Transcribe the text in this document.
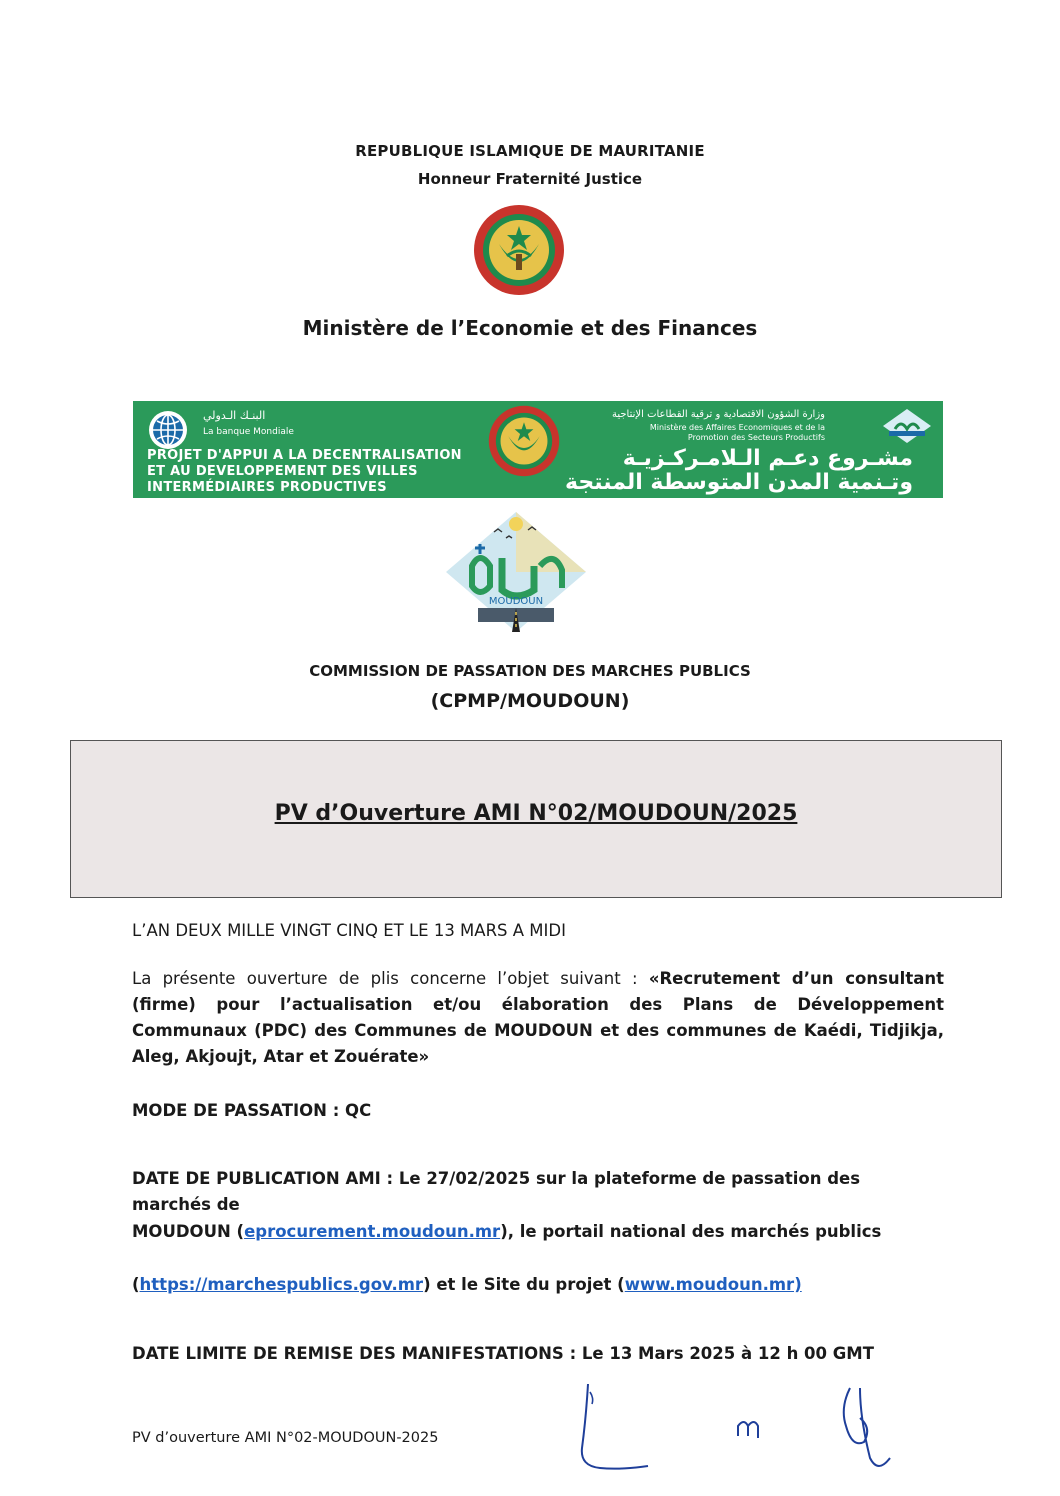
REPUBLIQUE ISLAMIQUE DE MAURITANIE
Honneur Fraternité Justice
Ministère de l’Economie et des Finances
البنـك الـدولي
La banque Mondiale
PROJET D'APPUI A LA DECENTRALISATION
ET AU DEVELOPPEMENT DES VILLES
INTERMÉDIAIRES PRODUCTIVES
وزارة الشؤون الاقتصادية و ترقية القطاعات الإنتاجية
Ministère des Affaires Economiques et de la
Promotion des Secteurs Productifs
مشـروع دعـم الـلامـركـزيـة
وتـنمية المدن المتوسطة المنتجة
MOUDOUN
COMMISSION DE PASSATION DES MARCHES PUBLICS
(CPMP/MOUDOUN)
PV d’Ouverture AMI N°02/MOUDOUN/2025
L’AN DEUX MILLE VINGT CINQ ET LE 13 MARS A MIDI
La présente ouverture de plis concerne l’objet suivant : «Recrutement d’un consultant (firme) pour l’actualisation et/ou élaboration des Plans de Développement Communaux (PDC) des Communes de MOUDOUN et des communes de Kaédi, Tidjikja, Aleg, Akjoujt, Atar et Zouérate»
MODE DE PASSATION : QC
DATE DE PUBLICATION AMI : Le 27/02/2025 sur la plateforme de passation des marchés de
MOUDOUN (eprocurement.moudoun.mr), le portail national des marchés publics
(https://marchespublics.gov.mr) et le Site du projet (www.moudoun.mr)
DATE LIMITE DE REMISE DES MANIFESTATIONS : Le 13 Mars 2025 à 12 h 00 GMT
PV d’ouverture AMI N°02-MOUDOUN-2025
